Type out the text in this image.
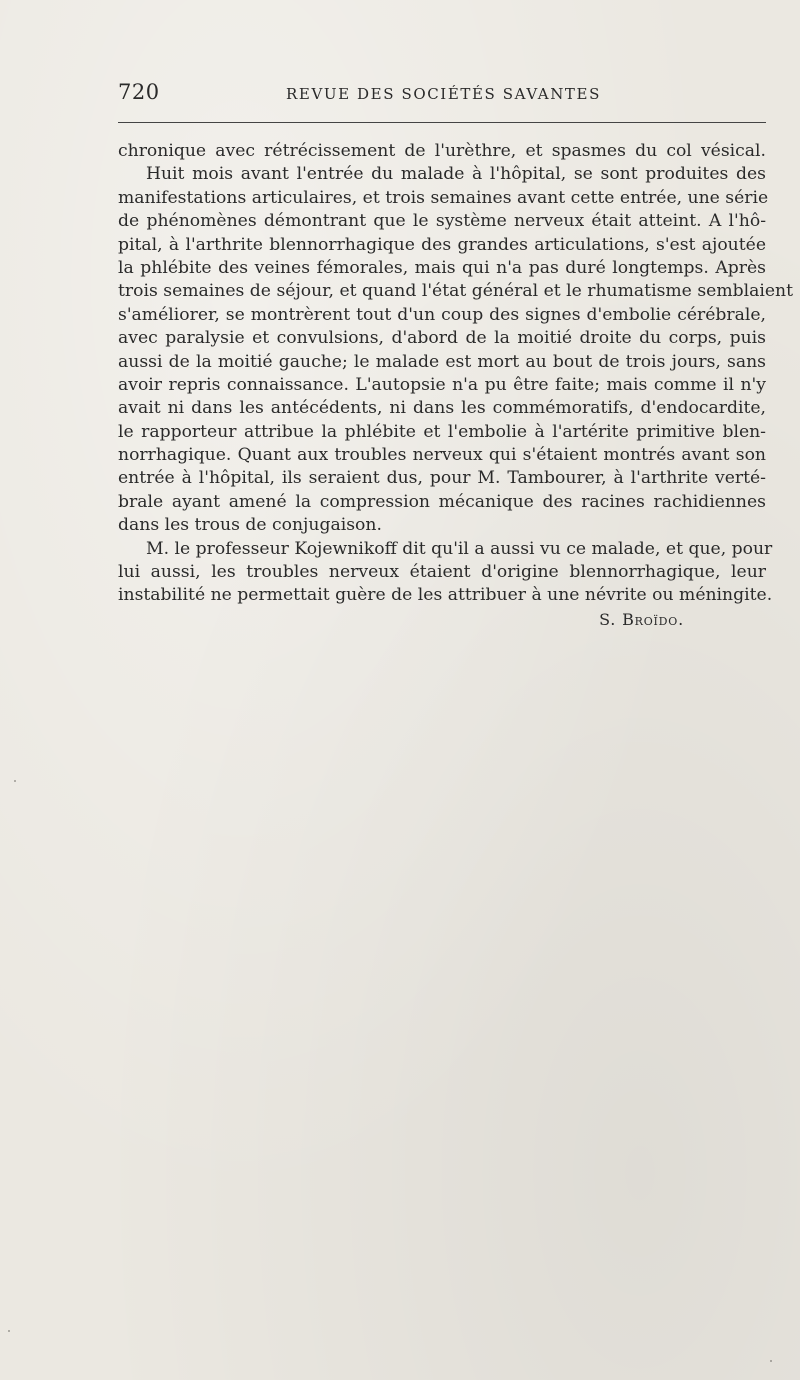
720	REVUE DES SOCIÉTÉS SAVANTES
chronique avec rétrécissement de l'urèthre, et spasmes du col vésical.
Huit mois avant l'entrée du malade à l'hôpital, se sont produites des
manifestations articulaires, et trois semaines avant cette entrée, une série
de phénomènes démontrant que le système nerveux était atteint. A l'hô-
pital, à l'arthrite blennorrhagique des grandes articulations, s'est ajoutée
la phlébite des veines fémorales, mais qui n'a pas duré longtemps. Après
trois semaines de séjour, et quand l'état général et le rhumatisme semblaient
s'améliorer, se montrèrent tout d'un coup des signes d'embolie cérébrale,
avec paralysie et convulsions, d'abord de la moitié droite du corps, puis
aussi de la moitié gauche; le malade est mort au bout de trois jours, sans
avoir repris connaissance. L'autopsie n'a pu être faite; mais comme il n'y
avait ni dans les antécédents, ni dans les commémoratifs, d'endocardite,
le rapporteur attribue la phlébite et l'embolie à l'artérite primitive blen-
norrhagique. Quant aux troubles nerveux qui s'étaient montrés avant son
entrée à l'hôpital, ils seraient dus, pour M. Tambourer, à l'arthrite verté-
brale ayant amené la compression mécanique des racines rachidiennes
dans les trous de conjugaison.
M. le professeur Kojewnikoff dit qu'il a aussi vu ce malade, et que, pour
lui aussi, les troubles nerveux étaient d'origine blennorrhagique, leur
instabilité ne permettait guère de les attribuer à une névrite ou méningite.
S. Broïdo.
